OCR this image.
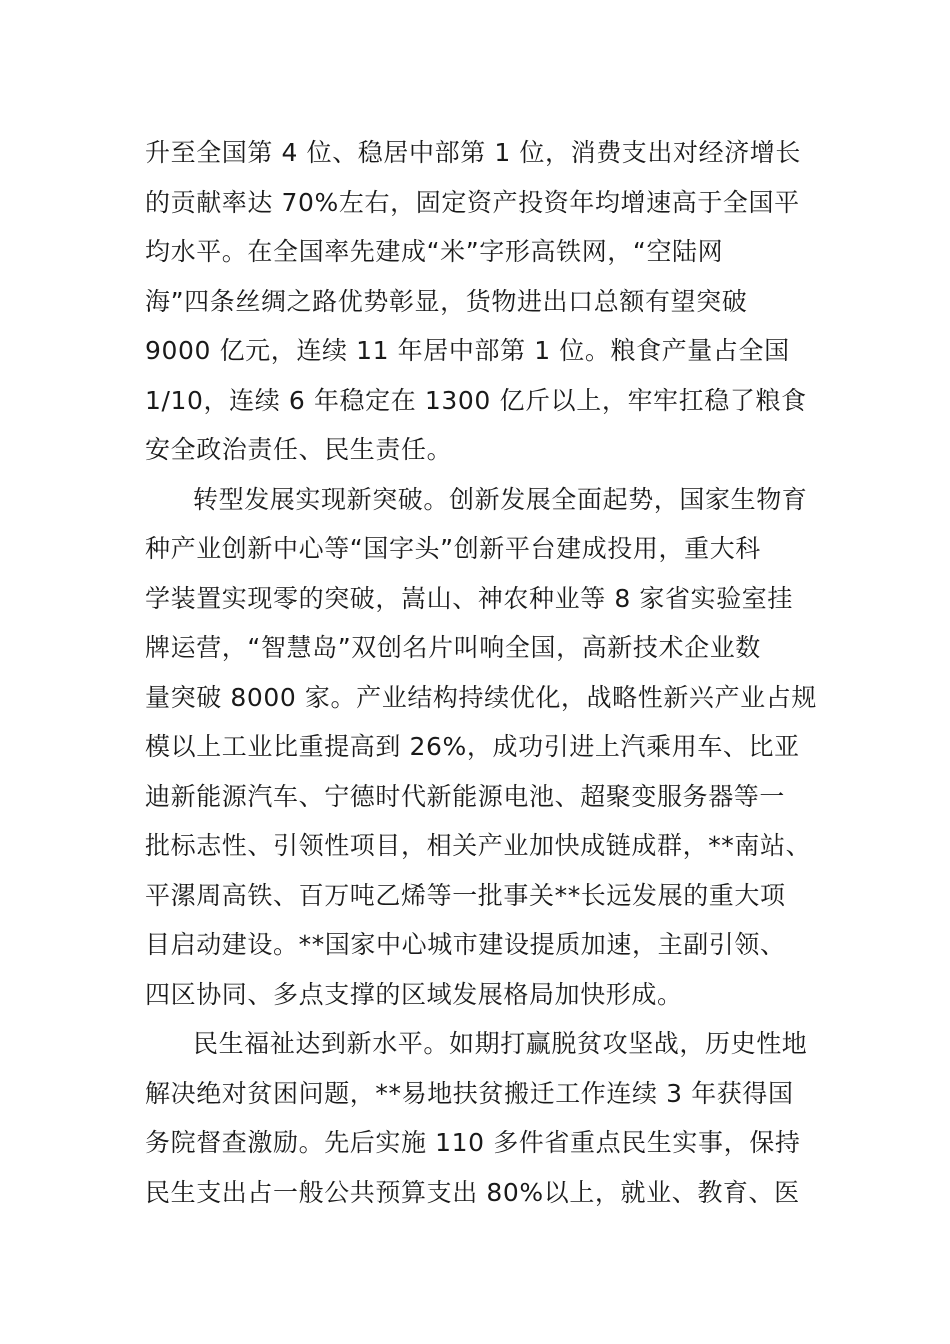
升至全国第 4 位、稳居中部第 1 位，消费支出对经济增长
的贡献率达 70%左右，固定资产投资年均增速高于全国平
均水平。在全国率先建成“米”字形高铁网，“空陆网
海”四条丝绸之路优势彰显，货物进出口总额有望突破
9000 亿元，连续 11 年居中部第 1 位。粮食产量占全国
1/10，连续 6 年稳定在 1300 亿斤以上，牢牢扛稳了粮食
安全政治责任、民生责任。
转型发展实现新突破。创新发展全面起势，国家生物育
种产业创新中心等“国字头”创新平台建成投用，重大科
学装置实现零的突破，嵩山、神农种业等 8 家省实验室挂
牌运营，“智慧岛”双创名片叫响全国，高新技术企业数
量突破 8000 家。产业结构持续优化，战略性新兴产业占规
模以上工业比重提高到 26%，成功引进上汽乘用车、比亚
迪新能源汽车、宁德时代新能源电池、超聚变服务器等一
批标志性、引领性项目，相关产业加快成链成群，**南站、
平漯周高铁、百万吨乙烯等一批事关**长远发展的重大项
目启动建设。**国家中心城市建设提质加速，主副引领、
四区协同、多点支撑的区域发展格局加快形成。
民生福祉达到新水平。如期打赢脱贫攻坚战，历史性地
解决绝对贫困问题，**易地扶贫搬迁工作连续 3 年获得国
务院督查激励。先后实施 110 多件省重点民生实事，保持
民生支出占一般公共预算支出 80%以上，就业、教育、医
